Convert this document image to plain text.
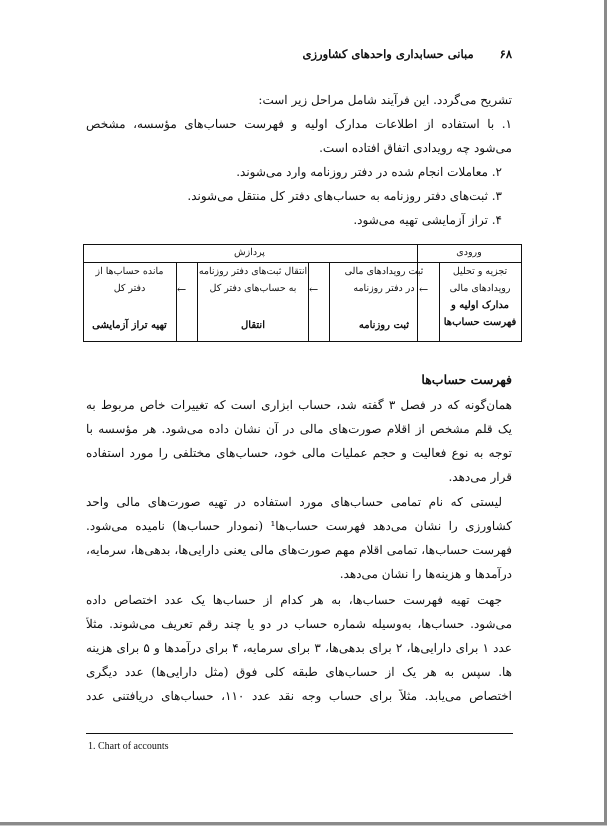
۶۸ مبانی حسابداری واحدهای کشاورزی
تشریح می‌گردد. این فرآیند شامل مراحل زیر است:
۱. با استفاده از اطلاعات مدارک اولیه و فهرست حساب‌های مؤسسه، مشخص
می‌شود چه رویدادی اتفاق افتاده است.
۲. معاملات انجام شده در دفتر روزنامه وارد می‌شوند.
۳. ثبت‌های دفتر روزنامه به حساب‌های دفتر کل منتقل می‌شوند.
۴. تراز آزمایشی تهیه می‌شود.
ورودی
پردازش
تجزیه و تحلیل
رویدادهای مالی
مدارک اولیه و
فهرست حساب‌ها
←
ثبت رویدادهای مالی
در دفتر روزنامه
ثبت روزنامه
←
انتقال ثبت‌های دفتر روزنامه
به حساب‌های دفتر کل
انتقال
←
مانده حساب‌ها از
دفتر کل
تهیه تراز آزمایشی
فهرست حساب‌ها
همان‌گونه که در فصل ۳ گفته شد، حساب ابزاری است که تغییرات خاص مربوط به
یک قلم مشخص از اقلام صورت‌های مالی در آن نشان داده می‌شود. هر مؤسسه با
توجه به نوع فعالیت و حجم عملیات مالی خود، حساب‌های مختلفی را مورد استفاده
قرار می‌دهد.
لیستی که نام تمامی حساب‌های مورد استفاده در تهیه صورت‌های مالی واحد
کشاورزی را نشان می‌دهد فهرست حساب‌ها¹ (نمودار حساب‌ها) نامیده می‌شود.
فهرست حساب‌ها، تمامی اقلام مهم صورت‌های مالی یعنی دارایی‌ها، بدهی‌ها، سرمایه،
درآمدها و هزینه‌ها را نشان می‌دهد.
جهت تهیه فهرست حساب‌ها، به هر کدام از حساب‌ها یک عدد اختصاص داده
می‌شود. حساب‌ها، به‌وسیله شماره حساب در دو یا چند رقم تعریف می‌شوند. مثلاً
عدد ۱ برای دارایی‌ها، ۲ برای بدهی‌ها، ۳ برای سرمایه، ۴ برای درآمدها و ۵ برای هزینه
ها. سپس به هر یک از حساب‌های طبقه کلی فوق (مثل دارایی‌ها) عدد دیگری
اختصاص می‌یابد. مثلاً برای حساب وجه نقد عدد ۱۱۰، حساب‌های دریافتنی عدد
1. Chart of accounts
